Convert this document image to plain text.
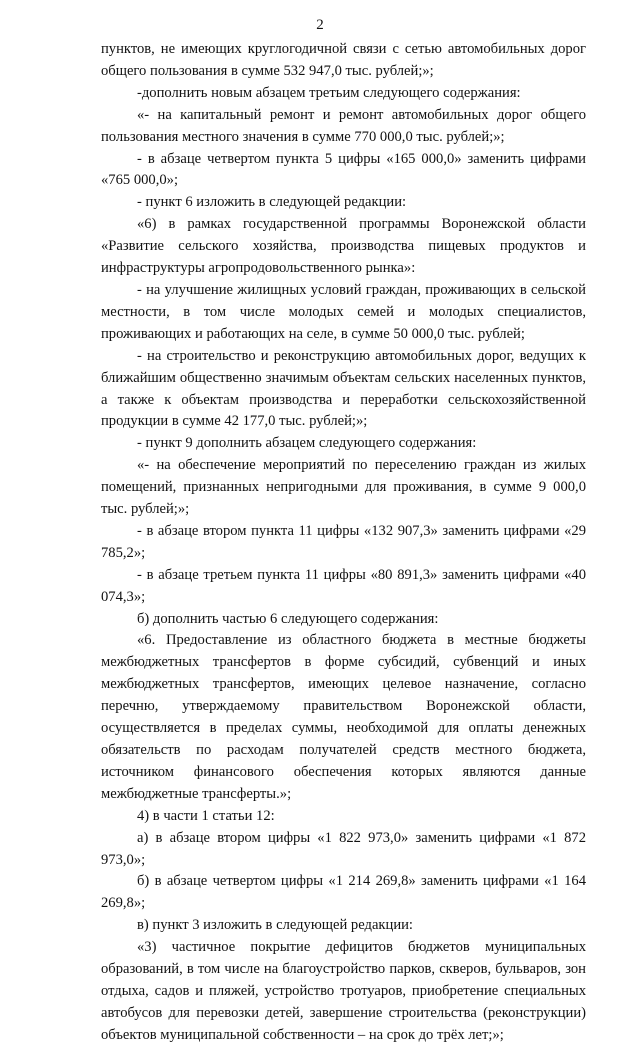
2

пунктов, не имеющих круглогодичной связи с сетью автомобильных дорог общего пользования в сумме 532 947,0 тыс. рублей;»;

-дополнить новым абзацем третьим следующего содержания:

«- на капитальный ремонт и ремонт автомобильных дорог общего пользования местного значения в сумме 770 000,0 тыс. рублей;»;

- в абзаце четвертом пункта 5 цифры «165 000,0» заменить цифрами «765 000,0»;

- пункт 6 изложить в следующей редакции:

«6) в рамках государственной программы Воронежской области «Развитие сельского хозяйства, производства пищевых продуктов и инфраструктуры агропродовольственного рынка»:

- на улучшение жилищных условий граждан, проживающих в сельской местности, в том числе молодых семей и молодых специалистов, проживающих и работающих на селе, в сумме 50 000,0 тыс. рублей;

- на строительство и реконструкцию автомобильных дорог, ведущих к ближайшим общественно значимым объектам сельских населенных пунктов, а также к объектам производства и переработки сельскохозяйственной продукции в сумме 42 177,0 тыс. рублей;»;

- пункт 9 дополнить абзацем следующего содержания:

«- на обеспечение мероприятий по переселению граждан из жилых помещений, признанных непригодными для проживания, в сумме 9 000,0 тыс. рублей;»;

- в абзаце втором пункта 11 цифры «132 907,3» заменить цифрами «29 785,2»;

- в абзаце третьем пункта 11 цифры «80 891,3» заменить цифрами «40 074,3»;

б) дополнить частью 6 следующего содержания:

«6. Предоставление из областного бюджета в местные бюджеты межбюджетных трансфертов в форме субсидий, субвенций и иных межбюджетных трансфертов, имеющих целевое назначение, согласно перечню, утверждаемому правительством Воронежской области, осуществляется в пределах суммы, необходимой для оплаты денежных обязательств по расходам получателей средств местного бюджета, источником финансового обеспечения которых являются данные межбюджетные трансферты.»;

4) в части 1 статьи 12:

а) в абзаце втором цифры «1 822 973,0» заменить цифрами «1 872 973,0»;

б) в абзаце четвертом цифры «1 214 269,8» заменить цифрами «1 164 269,8»;

в) пункт 3 изложить в следующей редакции:

«3) частичное покрытие дефицитов бюджетов муниципальных образований, в том числе на благоустройство парков, скверов, бульваров, зон отдыха, садов и пляжей, устройство тротуаров, приобретение специальных автобусов для перевозки детей, завершение строительства (реконструкции) объектов муниципальной собственности – на срок до трёх лет;»;
